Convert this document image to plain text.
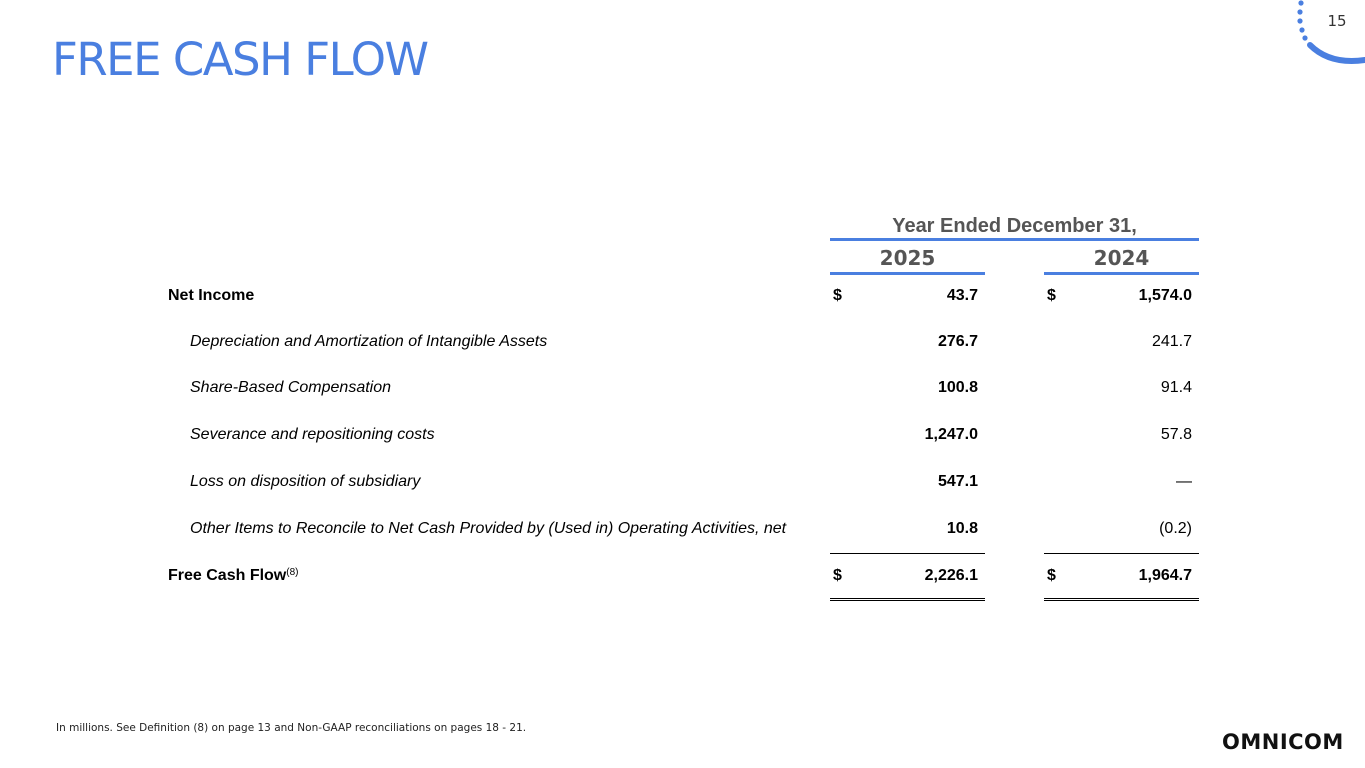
FREE CASH FLOW
15
Year Ended December 31,
2025	2024
Net Income	$	43.7	$	1,574.0
Depreciation and Amortization of Intangible Assets	276.7	241.7
Share-Based Compensation	100.8	91.4
Severance and repositioning costs	1,247.0	57.8
Loss on disposition of subsidiary	547.1	—
Other Items to Reconcile to Net Cash Provided by (Used in) Operating Activities, net	10.8	(0.2)
Free Cash Flow$^{(8)}$	$	2,226.1	$	1,964.7
In millions. See Definition (8) on page 13 and Non-GAAP reconciliations on pages 18 - 21.
OMNICOM
